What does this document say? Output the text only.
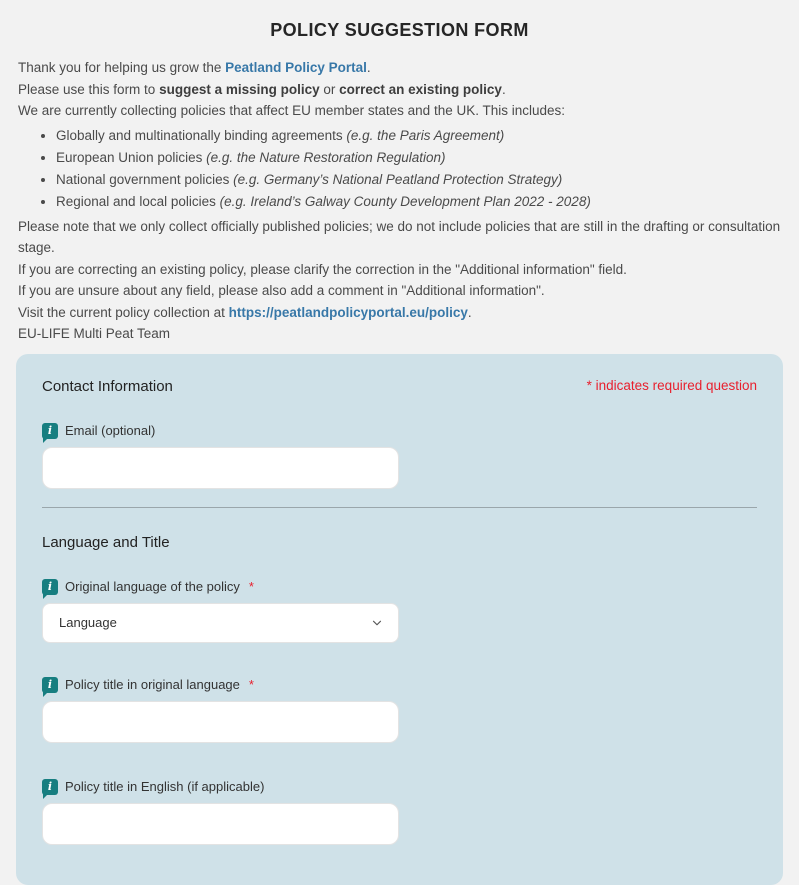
POLICY SUGGESTION FORM

Thank you for helping us grow the Peatland Policy Portal.

Please use this form to suggest a missing policy or correct an existing policy.

We are currently collecting policies that affect EU member states and the UK. This includes:

• Globally and multinationally binding agreements (e.g. the Paris Agreement)
• European Union policies (e.g. the Nature Restoration Regulation)
• National government policies (e.g. Germany’s National Peatland Protection Strategy)
• Regional and local policies (e.g. Ireland’s Galway County Development Plan 2022 - 2028)

Please note that we only collect officially published policies; we do not include policies that are still in the drafting or consultation stage.

If you are correcting an existing policy, please clarify the correction in the "Additional information" field.

If you are unsure about any field, please also add a comment in "Additional information".

Visit the current policy collection at https://peatlandpolicyportal.eu/policy.

EU-LIFE Multi Peat Team

Contact Information	* indicates required question
i Email (optional)
Language and Title
i Original language of the policy *
Language
i Policy title in original language *
i Policy title in English (if applicable)
